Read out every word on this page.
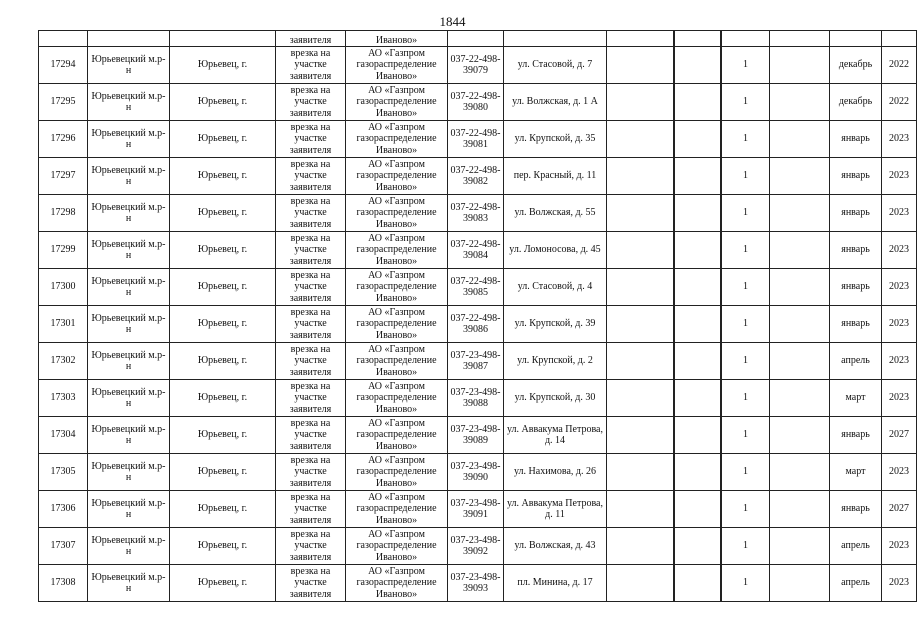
1844
			заявителя	Иваново»				

17294	Юрьевецкий м.р-н	Юрьевец, г.	врезка на участке заявителя	АО «Газпром газораспределение Иваново»	037-22-498-39079	ул. Стасовой, д. 7			1		декабрь	2022
17295	Юрьевецкий м.р-н	Юрьевец, г.	врезка на участке заявителя	АО «Газпром газораспределение Иваново»	037-22-498-39080	ул. Волжская, д. 1 А			1		декабрь	2022
17296	Юрьевецкий м.р-н	Юрьевец, г.	врезка на участке заявителя	АО «Газпром газораспределение Иваново»	037-22-498-39081	ул. Крупской, д. 35			1		январь	2023
17297	Юрьевецкий м.р-н	Юрьевец, г.	врезка на участке заявителя	АО «Газпром газораспределение Иваново»	037-22-498-39082	пер. Красный, д. 11			1		январь	2023
17298	Юрьевецкий м.р-н	Юрьевец, г.	врезка на участке заявителя	АО «Газпром газораспределение Иваново»	037-22-498-39083	ул. Волжская, д. 55			1		январь	2023
17299	Юрьевецкий м.р-н	Юрьевец, г.	врезка на участке заявителя	АО «Газпром газораспределение Иваново»	037-22-498-39084	ул. Ломоносова, д. 45			1		январь	2023
17300	Юрьевецкий м.р-н	Юрьевец, г.	врезка на участке заявителя	АО «Газпром газораспределение Иваново»	037-22-498-39085	ул. Стасовой, д. 4			1		январь	2023
17301	Юрьевецкий м.р-н	Юрьевец, г.	врезка на участке заявителя	АО «Газпром газораспределение Иваново»	037-22-498-39086	ул. Крупской, д. 39			1		январь	2023
17302	Юрьевецкий м.р-н	Юрьевец, г.	врезка на участке заявителя	АО «Газпром газораспределение Иваново»	037-23-498-39087	ул. Крупской, д. 2			1		апрель	2023
17303	Юрьевецкий м.р-н	Юрьевец, г.	врезка на участке заявителя	АО «Газпром газораспределение Иваново»	037-23-498-39088	ул. Крупской, д. 30			1		март	2023
17304	Юрьевецкий м.р-н	Юрьевец, г.	врезка на участке заявителя	АО «Газпром газораспределение Иваново»	037-23-498-39089	ул. Аввакума Петрова, д. 14			1		январь	2027
17305	Юрьевецкий м.р-н	Юрьевец, г.	врезка на участке заявителя	АО «Газпром газораспределение Иваново»	037-23-498-39090	ул. Нахимова, д. 26			1		март	2023
17306	Юрьевецкий м.р-н	Юрьевец, г.	врезка на участке заявителя	АО «Газпром газораспределение Иваново»	037-23-498-39091	ул. Аввакума Петрова, д. 11			1		январь	2027
17307	Юрьевецкий м.р-н	Юрьевец, г.	врезка на участке заявителя	АО «Газпром газораспределение Иваново»	037-23-498-39092	ул. Волжская, д. 43			1		апрель	2023
17308	Юрьевецкий м.р-н	Юрьевец, г.	врезка на участке заявителя	АО «Газпром газораспределение Иваново»	037-23-498-39093	пл. Минина, д. 17			1		апрель	2023
